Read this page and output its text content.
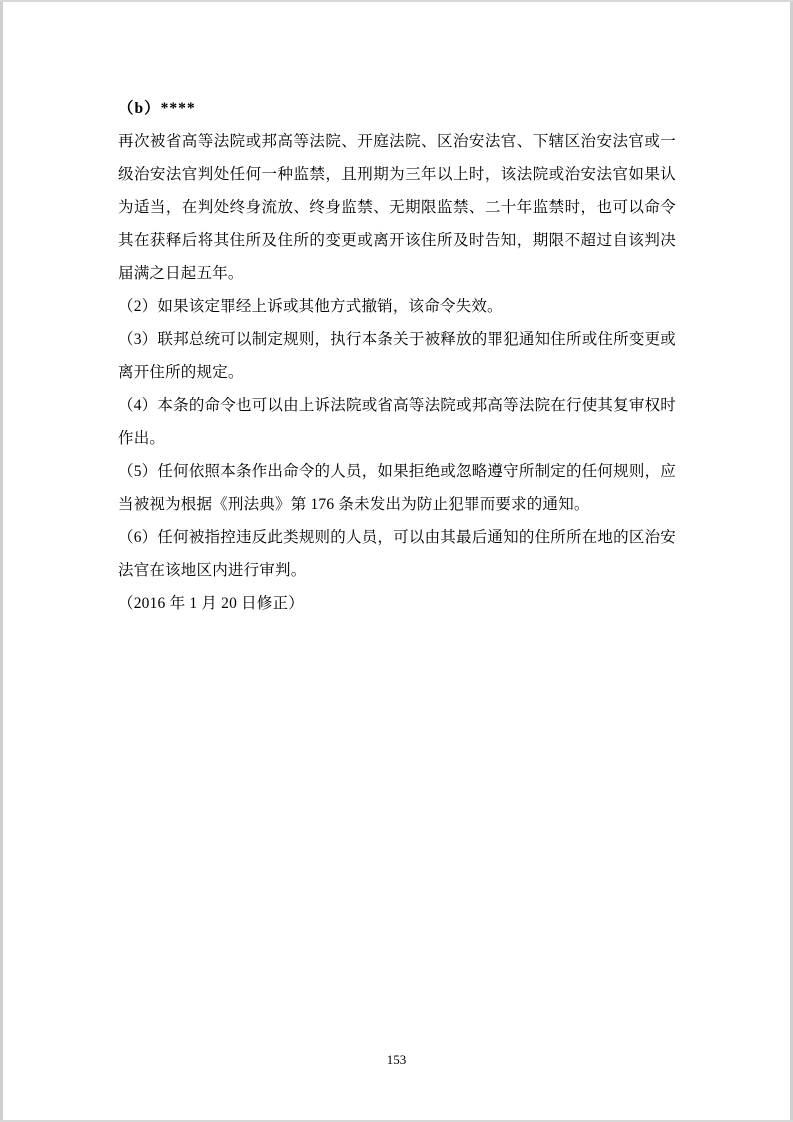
（b）****

再次被省高等法院或邦高等法院、开庭法院、区治安法官、下辖区治安法官或一级治安法官判处任何一种监禁，且刑期为三年以上时，该法院或治安法官如果认为适当，在判处终身流放、终身监禁、无期限监禁、二十年监禁时，也可以命令其在获释后将其住所及住所的变更或离开该住所及时告知，期限不超过自该判决届满之日起五年。

（2）如果该定罪经上诉或其他方式撤销，该命令失效。

（3）联邦总统可以制定规则，执行本条关于被释放的罪犯通知住所或住所变更或离开住所的规定。

（4）本条的命令也可以由上诉法院或省高等法院或邦高等法院在行使其复审权时作出。

（5）任何依照本条作出命令的人员，如果拒绝或忽略遵守所制定的任何规则，应当被视为根据《刑法典》第 176 条未发出为防止犯罪而要求的通知。

（6）任何被指控违反此类规则的人员，可以由其最后通知的住所所在地的区治安法官在该地区内进行审判。

（2016 年 1 月 20 日修正）

153
